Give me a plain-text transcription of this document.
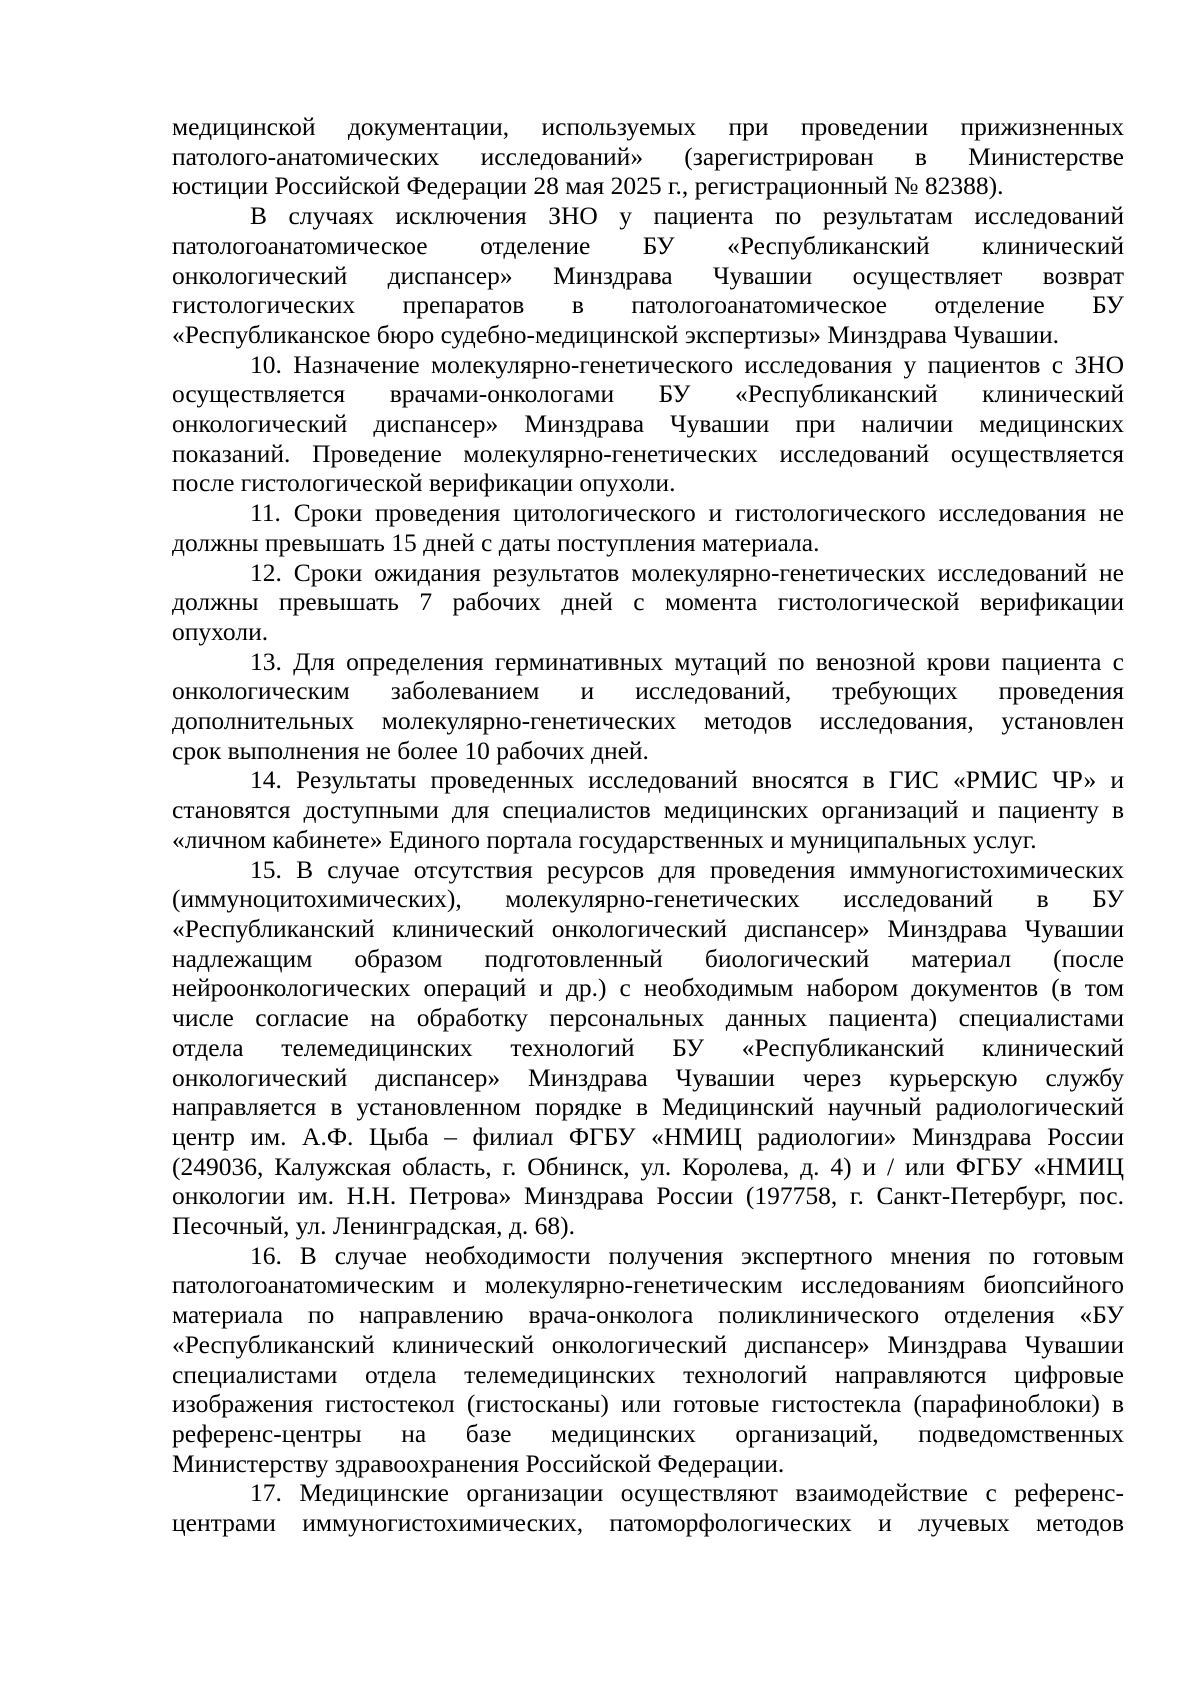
медицинской документации, используемых при проведении прижизненных
патолого-анатомических исследований» (зарегистрирован в Министерстве
юстиции Российской Федерации 28 мая 2025 г., регистрационный № 82388).
В случаях исключения ЗНО у пациента по результатам исследований
патологоанатомическое отделение БУ «Республиканский клинический
онкологический диспансер» Минздрава Чувашии осуществляет возврат
гистологических препаратов в патологоанатомическое отделение БУ
«Республиканское бюро судебно-медицинской экспертизы» Минздрава Чувашии.
10. Назначение молекулярно-генетического исследования у пациентов с ЗНО
осуществляется врачами-онкологами БУ «Республиканский клинический
онкологический диспансер» Минздрава Чувашии при наличии медицинских
показаний. Проведение молекулярно-генетических исследований осуществляется
после гистологической верификации опухоли.
11. Сроки проведения цитологического и гистологического исследования не
должны превышать 15 дней с даты поступления материала.
12. Сроки ожидания результатов молекулярно-генетических исследований не
должны превышать 7 рабочих дней с момента гистологической верификации
опухоли.
13. Для определения герминативных мутаций по венозной крови пациента с
онкологическим заболеванием и исследований, требующих проведения
дополнительных молекулярно-генетических методов исследования, установлен
срок выполнения не более 10 рабочих дней.
14. Результаты проведенных исследований вносятся в ГИС «РМИС ЧР» и
становятся доступными для специалистов медицинских организаций и пациенту в
«личном кабинете» Единого портала государственных и муниципальных услуг.
15. В случае отсутствия ресурсов для проведения иммуногистохимических
(иммуноцитохимических), молекулярно-генетических исследований в БУ
«Республиканский клинический онкологический диспансер» Минздрава Чувашии
надлежащим образом подготовленный биологический материал (после
нейроонкологических операций и др.) с необходимым набором документов (в том
числе согласие на обработку персональных данных пациента) специалистами
отдела телемедицинских технологий БУ «Республиканский клинический
онкологический диспансер» Минздрава Чувашии через курьерскую службу
направляется в установленном порядке в Медицинский научный радиологический
центр им. А.Ф. Цыба – филиал ФГБУ «НМИЦ радиологии» Минздрава России
(249036, Калужская область, г. Обнинск, ул. Королева, д. 4) и / или ФГБУ «НМИЦ
онкологии им. Н.Н. Петрова» Минздрава России (197758, г. Санкт-Петербург, пос.
Песочный, ул. Ленинградская, д. 68).
16. В случае необходимости получения экспертного мнения по готовым
патологоанатомическим и молекулярно-генетическим исследованиям биопсийного
материала по направлению врача-онколога поликлинического отделения «БУ
«Республиканский клинический онкологический диспансер» Минздрава Чувашии
специалистами отдела телемедицинских технологий направляются цифровые
изображения гистостекол (гистосканы) или готовые гистостекла (парафиноблоки) в
референс-центры на базе медицинских организаций, подведомственных
Министерству здравоохранения Российской Федерации.
17. Медицинские организации осуществляют взаимодействие с референс-
центрами иммуногистохимических, патоморфологических и лучевых методов
